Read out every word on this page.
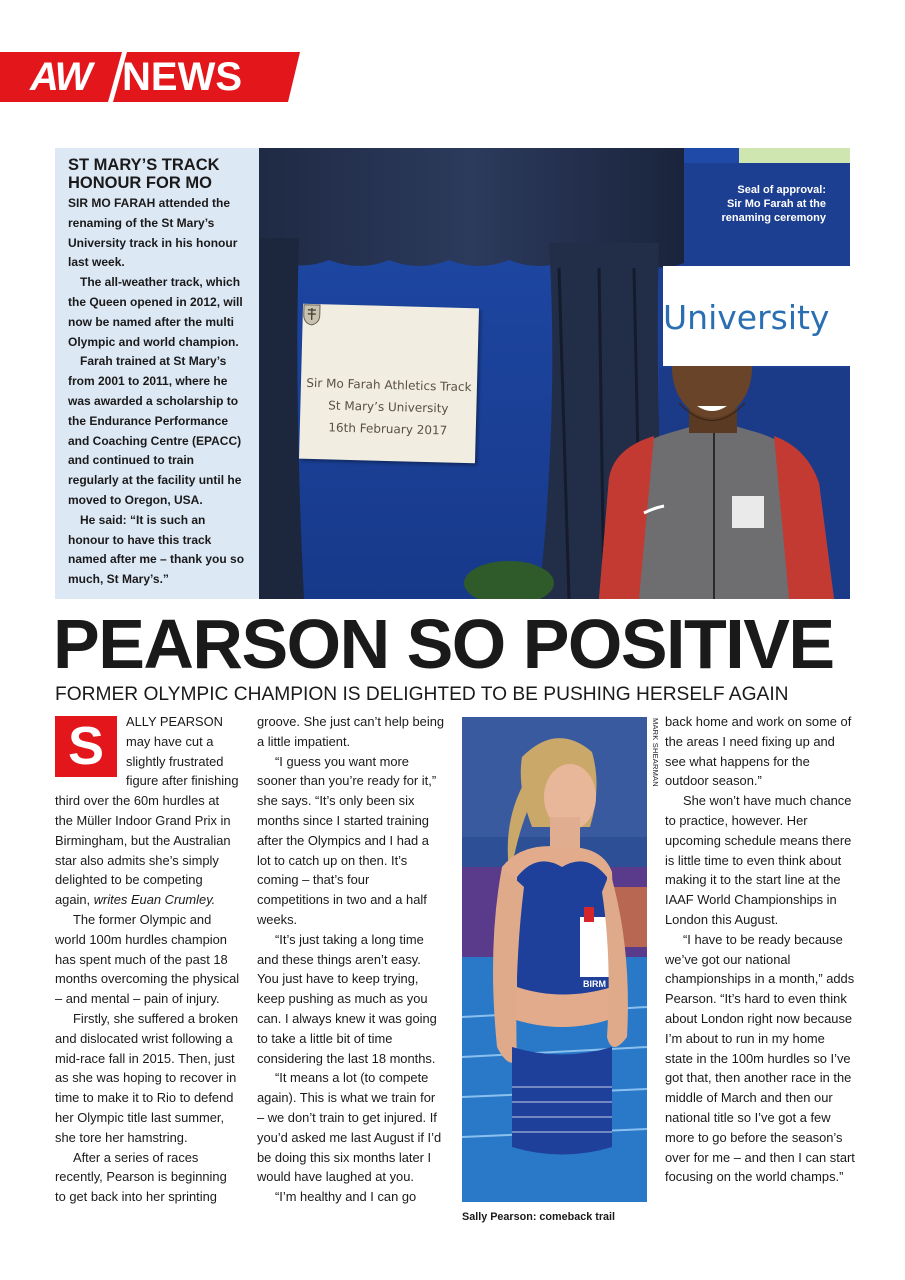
AW NEWS
ST MARY’S TRACK
HONOUR FOR MO

SIR MO FARAH attended the renaming of the St Mary’s University track in his honour last week.

The all-weather track, which the Queen opened in 2012, will now be named after the multi Olympic and world champion.

Farah trained at St Mary’s from 2001 to 2011, where he was awarded a scholarship to the Endurance Performance and Coaching Centre (EPACC) and continued to train regularly at the facility until he moved to Oregon, USA.

He said: “It is such an honour to have this track named after me – thank you so much, St Mary’s.”

Sir Mo Farah Athletics Track
St Mary’s University
16th February 2017
University
Seal of approval:
Sir Mo Farah at the
renaming ceremony
PEARSON SO POSITIVE
FORMER OLYMPIC CHAMPION IS DELIGHTED TO BE PUSHING HERSELF AGAIN

S	ALLY PEARSON may have cut a slightly frustrated figure after finishing third over the 60m hurdles at the Müller Indoor Grand Prix in Birmingham, but the Australian star also admits she’s simply delighted to be competing again, writes Euan Crumley.

The former Olympic and world 100m hurdles champion has spent much of the past 18 months overcoming the physical – and mental – pain of injury.

Firstly, she suffered a broken and dislocated wrist following a mid-race fall in 2015. Then, just as she was hoping to recover in time to make it to Rio to defend her Olympic title last summer, she tore her hamstring.

After a series of races recently, Pearson is beginning to get back into her sprinting

groove. She just can’t help being a little impatient.

“I guess you want more sooner than you’re ready for it,” she says. “It’s only been six months since I started training after the Olympics and I had a lot to catch up on then. It’s coming – that’s four competitions in two and a half weeks.

“It’s just taking a long time and these things aren’t easy. You just have to keep trying, keep pushing as much as you can. I always knew it was going to take a little bit of time considering the last 18 months.

“It means a lot (to compete again). This is what we train for – we don’t train to get injured. If you’d asked me last August if I’d be doing this six months later I would have laughed at you.

“I’m healthy and I can go

BIRM
MARK SHEARMAN
Sally Pearson: comeback trail

back home and work on some of the areas I need fixing up and see what happens for the outdoor season.”

She won’t have much chance to practice, however. Her upcoming schedule means there is little time to even think about making it to the start line at the IAAF World Championships in London this August.

“I have to be ready because we’ve got our national championships in a month,” adds Pearson. “It’s hard to even think about London right now because I’m about to run in my home state in the 100m hurdles so I’ve got that, then another race in the middle of March and then our national title so I’ve got a few more to go before the season’s over for me – and then I can start focusing on the world champs.”
